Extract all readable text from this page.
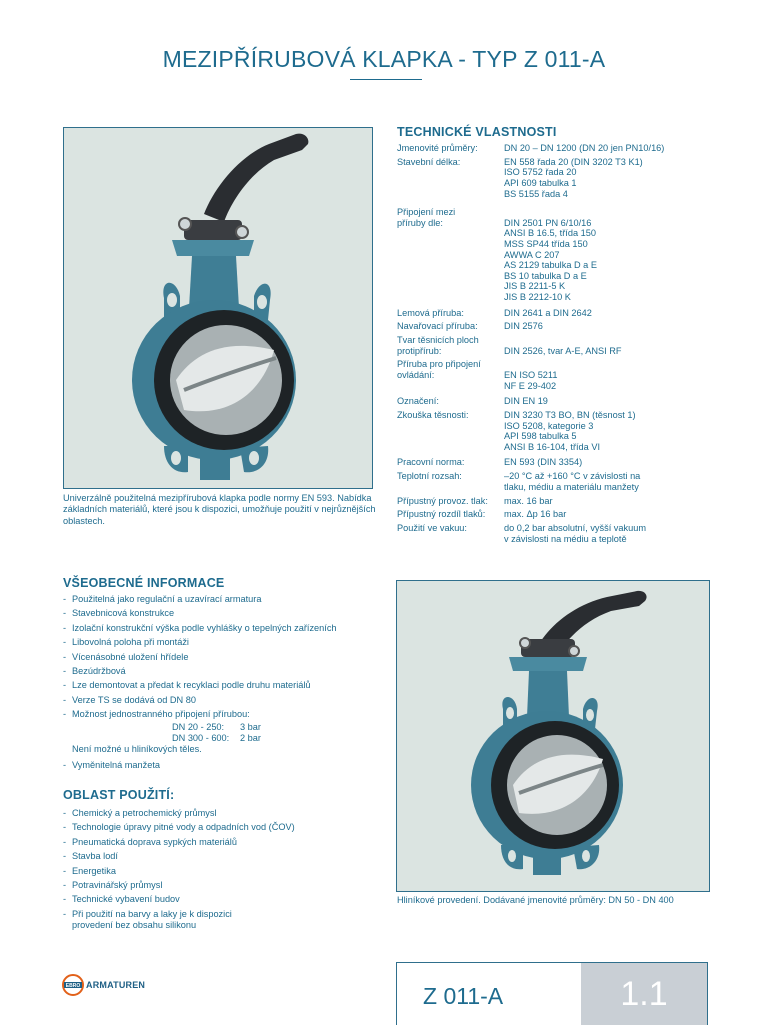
MEZIPŘÍRUBOVÁ KLAPKA - TYP Z 011-A
Univerzálně použitelná mezipřírubová klapka podle normy EN 593. Nabídka základních materiálů, které jsou k dispozici, umožňuje použití v nejrůznějších oblastech.
TECHNICKÉ VLASTNOSTI
Jmenovité průměry:	DN 20 – DN 1200 (DN 20 jen PN10/16)
Stavební délka:	EN 558 řada 20 (DIN 3202 T3 K1)
ISO 5752 řada 20
API 609 tabulka 1
BS 5155 řada 4
Připojení mezi
příruby dle:	DIN 2501 PN 6/10/16
ANSI B 16.5, třída 150
MSS SP44 třída 150
AWWA C 207
AS 2129 tabulka D a E
BS 10 tabulka D a E
JIS B 2211-5 K
JIS B 2212-10 K
Lemová příruba:	DIN 2641 a DIN 2642
Navařovací příruba:	DIN 2576
Tvar těsnicích ploch
protipřírub:	DIN 2526, tvar A-E, ANSI RF
Příruba pro připojení
ovládání:	EN ISO 5211
NF E 29-402
Označení:	DIN EN 19
Zkouška těsnosti:	DIN 3230 T3 BO, BN (těsnost 1)
ISO 5208, kategorie 3
API 598 tabulka 5
ANSI B 16-104, třída VI
Pracovní norma:	EN 593 (DIN 3354)
Teplotní rozsah:	–20 °C až +160 °C v závislosti na
tlaku, médiu a materiálu manžety
Přípustný provoz. tlak:	max. 16 bar
Přípustný rozdíl tlaků:	max. Δp 16 bar
Použití ve vakuu:	do 0,2 bar absolutní, vyšší vakuum
v závislosti na médiu a teplotě
VŠEOBECNÉ INFORMACE
- Použitelná jako regulační a uzavírací armatura
- Stavebnicová konstrukce
- Izolační konstrukční výška podle vyhlášky o tepelných zařízeních
- Libovolná poloha při montáži
- Vícenásobné uložení hřídele
- Bezúdržbová
- Lze demontovat a předat k recyklaci podle druhu materiálů
- Verze TS se dodává od DN 80
- Možnost jednostranného připojení přírubou:
DN 20 - 250:	3 bar
DN 300 - 600:	2 bar
Není možné u hliníkových těles.
- Vyměnitelná manžeta
OBLAST POUŽITÍ:
- Chemický a petrochemický průmysl
- Technologie úpravy pitné vody a odpadních vod (ČOV)
- Pneumatická doprava sypkých materiálů
- Stavba lodí
- Energetika
- Potravinářský průmysl
- Technické vybavení budov
- Při použití na barvy a laky je k dispozici
provedení bez obsahu silikonu
Hliníkové provedení. Dodávané jmenovité průměry: DN 50 - DN 400
EBRO ARMATUREN	Z 011-A	1.1
